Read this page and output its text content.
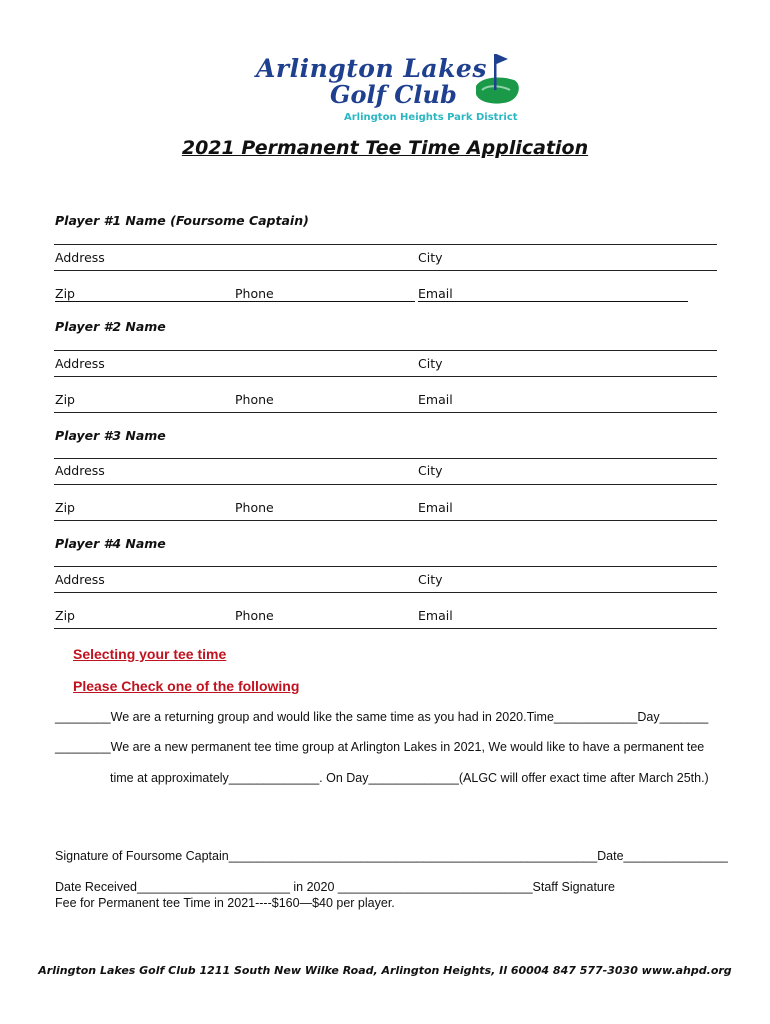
Arlington Lakes
Golf Club
Arlington Heights Park District
2021 Permanent Tee Time Application
Player #1 Name (Foursome Captain)
Address	City
Zip	Phone	Email
Player #2 Name
Address	City
Zip	Phone	Email
Player #3 Name
Address	City
Zip	Phone	Email
Player #4 Name
Address	City
Zip	Phone	Email
Selecting your tee time
Please Check one of the following
________We are a returning group and would like the same time as you had in 2020.Time____________Day_______
________We are a new permanent tee time group at Arlington Lakes in 2021, We would like to have a permanent tee
time at approximately_____________. On Day_____________(ALGC will offer exact time after March 25th.)
Signature of Foursome Captain_____________________________________________________Date_______________
Date Received______________________ in 2020 ____________________________Staff Signature
Fee for Permanent tee Time in 2021----$160—$40 per player.
Arlington Lakes Golf Club 1211 South New Wilke Road, Arlington Heights, Il 60004 847 577-3030 www.ahpd.org
